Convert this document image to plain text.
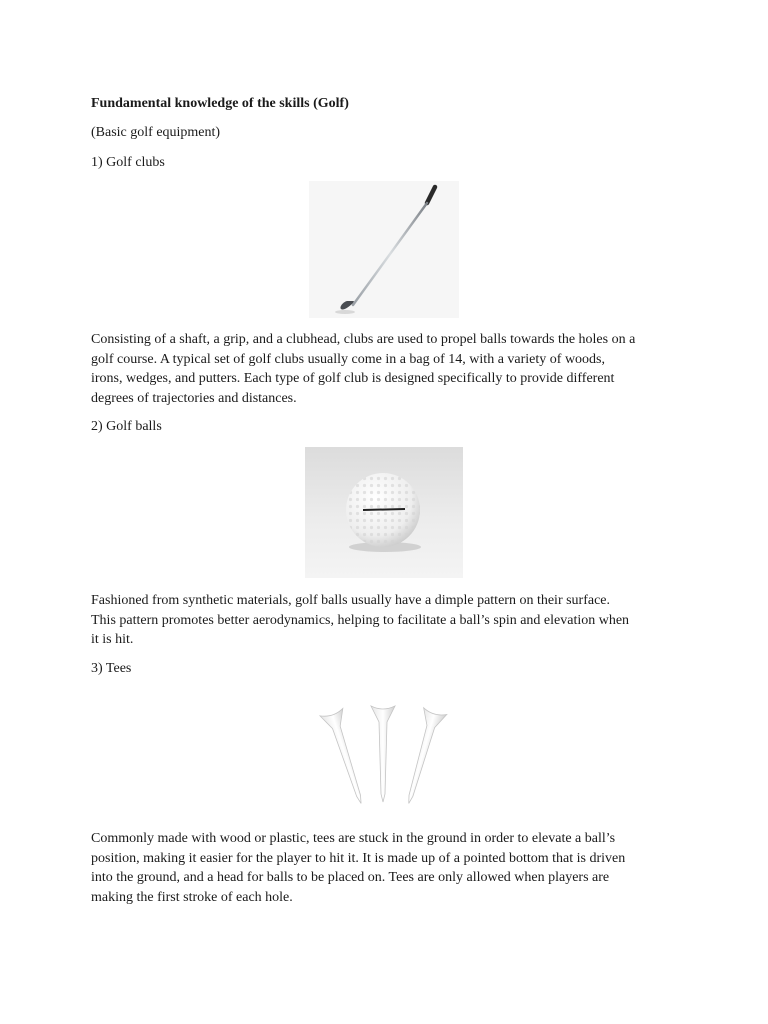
Fundamental knowledge of the skills (Golf)
(Basic golf equipment)
1) Golf clubs
Consisting of a shaft, a grip, and a clubhead, clubs are used to propel balls towards the holes on a
golf course. A typical set of golf clubs usually come in a bag of 14, with a variety of woods,
irons, wedges, and putters. Each type of golf club is designed specifically to provide different
degrees of trajectories and distances.
2) Golf balls
Fashioned from synthetic materials, golf balls usually have a dimple pattern on their surface.
This pattern promotes better aerodynamics, helping to facilitate a ball’s spin and elevation when
it is hit.
3) Tees
Commonly made with wood or plastic, tees are stuck in the ground in order to elevate a ball’s
position, making it easier for the player to hit it. It is made up of a pointed bottom that is driven
into the ground, and a head for balls to be placed on. Tees are only allowed when players are
making the first stroke of each hole.
